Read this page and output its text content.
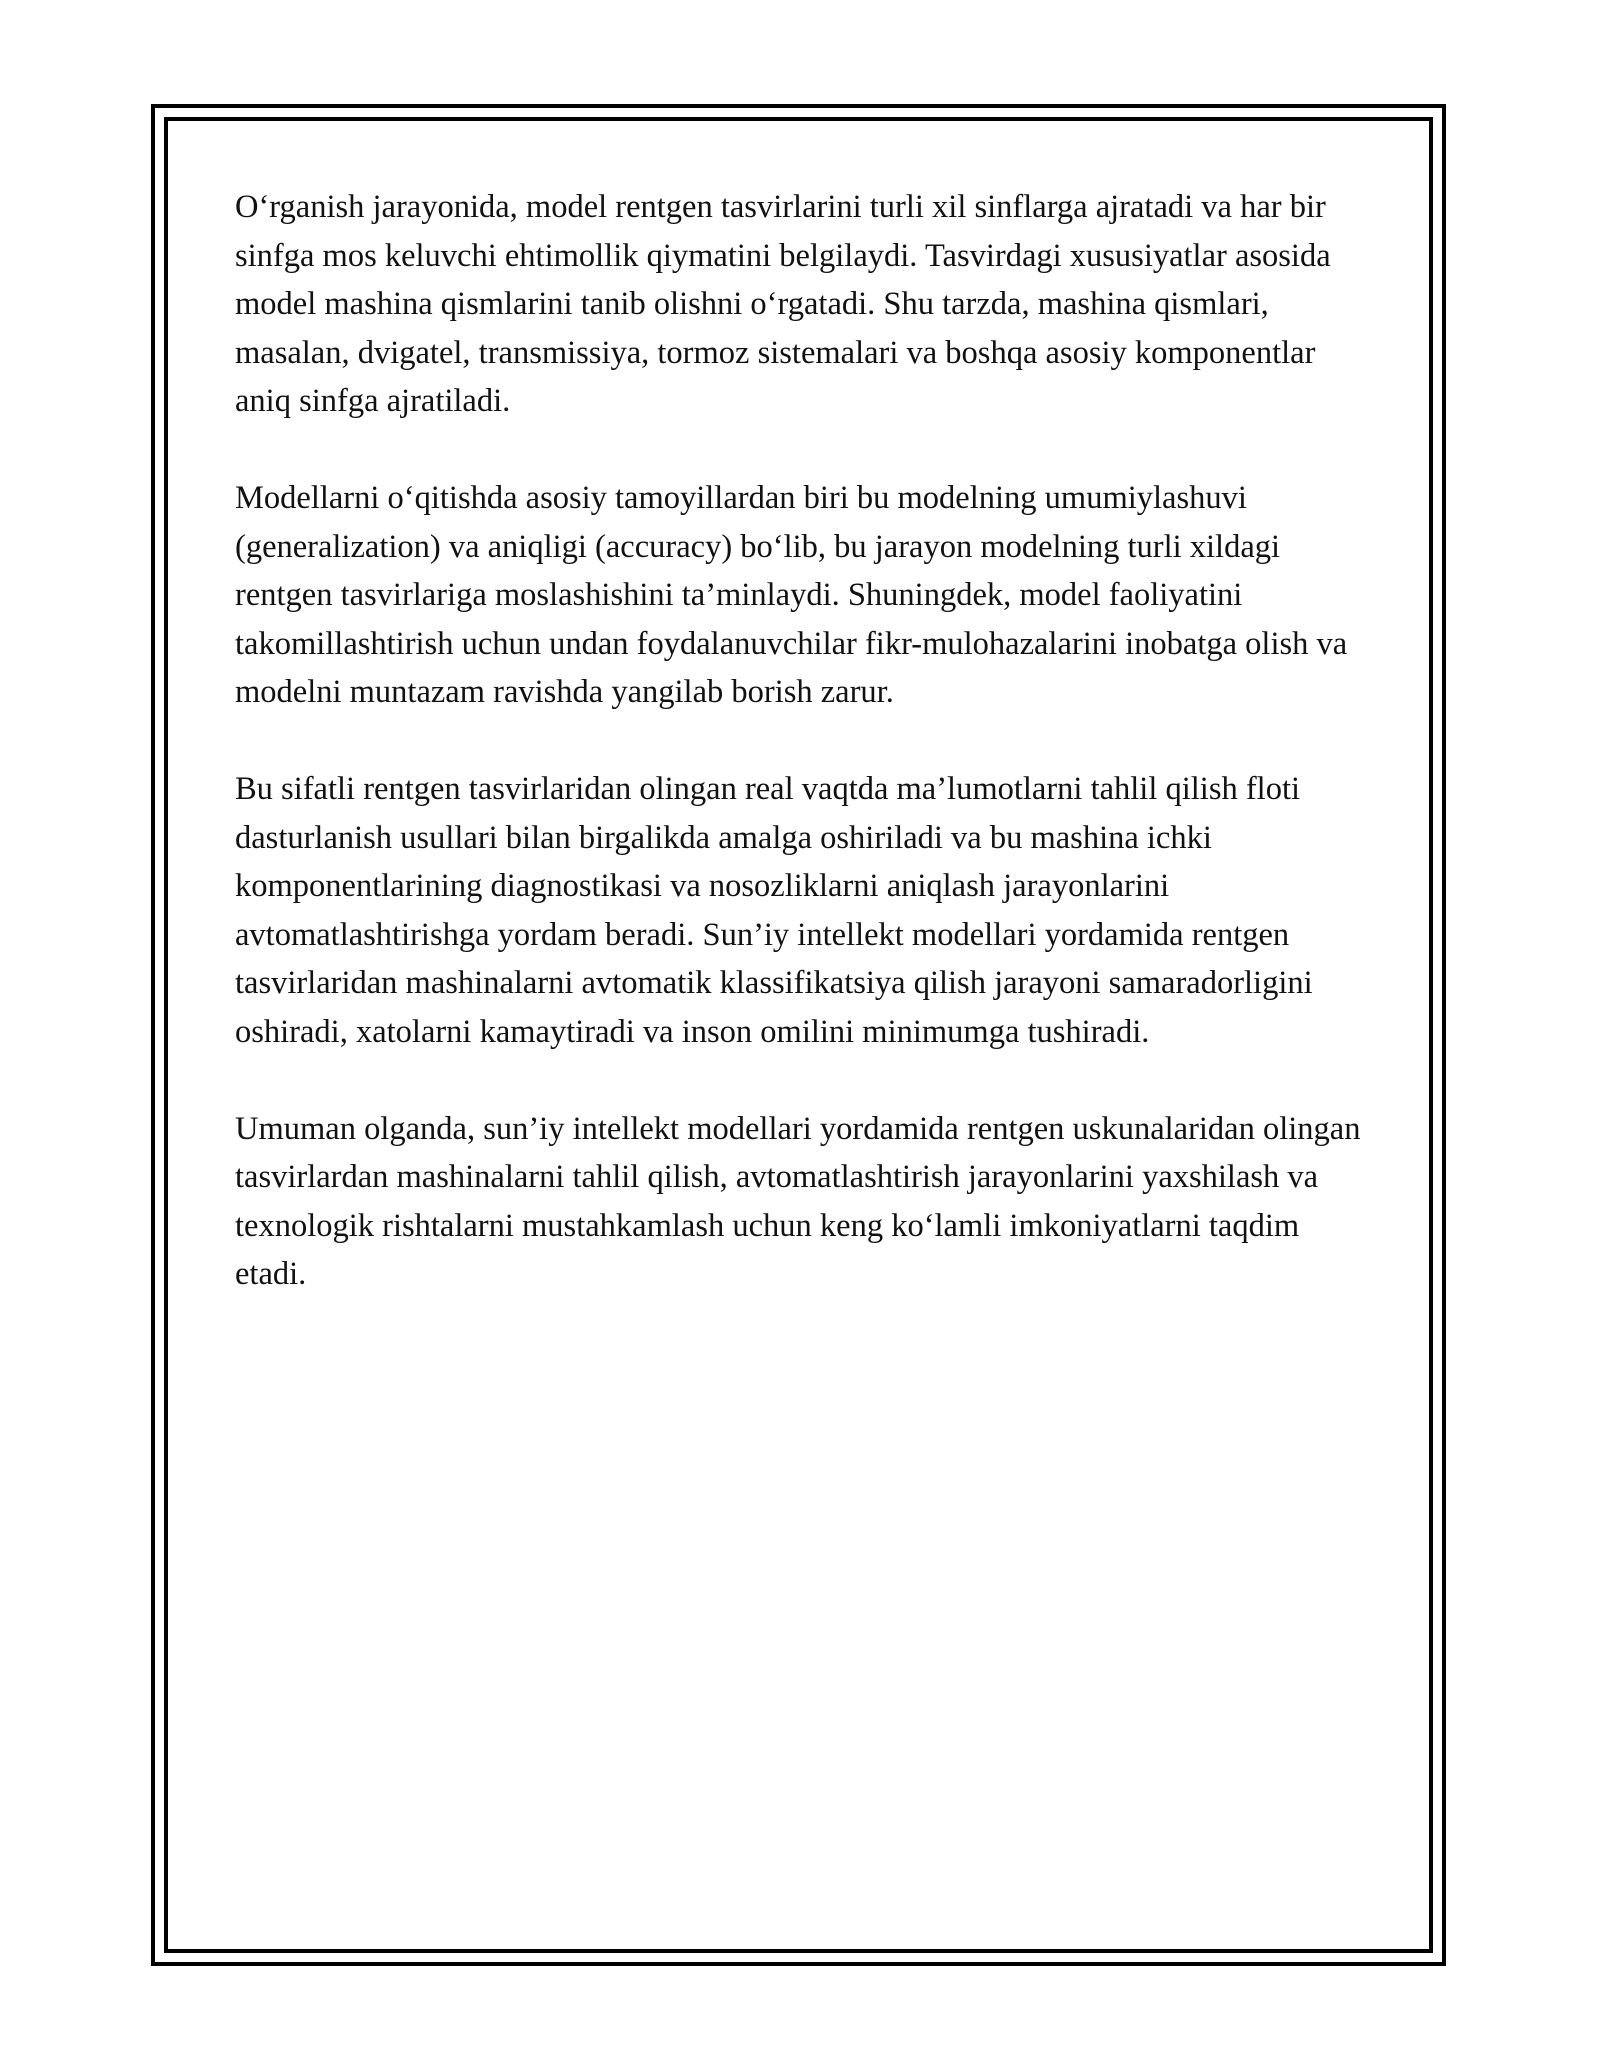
O‘rganish jarayonida, model rentgen tasvirlarini turli xil sinflarga ajratadi va har bir sinfga mos keluvchi ehtimollik qiymatini belgilaydi. Tasvirdagi xususiyatlar asosida model mashina qismlarini tanib olishni o‘rgatadi. Shu tarzda, mashina qismlari, masalan, dvigatel, transmissiya, tormoz sistemalari va boshqa asosiy komponentlar aniq sinfga ajratiladi.

Modellarni o‘qitishda asosiy tamoyillardan biri bu modelning umumiylashuvi (generalization) va aniqligi (accuracy) bo‘lib, bu jarayon modelning turli xildagi rentgen tasvirlariga moslashishini ta’minlaydi. Shuningdek, model faoliyatini takomillashtirish uchun undan foydalanuvchilar fikr-mulohazalarini inobatga olish va modelni muntazam ravishda yangilab borish zarur.

Bu sifatli rentgen tasvirlaridan olingan real vaqtda ma’lumotlarni tahlil qilish floti dasturlanish usullari bilan birgalikda amalga oshiriladi va bu mashina ichki komponentlarining diagnostikasi va nosozliklarni aniqlash jarayonlarini avtomatlashtirishga yordam beradi. Sun’iy intellekt modellari yordamida rentgen tasvirlaridan mashinalarni avtomatik klassifikatsiya qilish jarayoni samaradorligini oshiradi, xatolarni kamaytiradi va inson omilini minimumga tushiradi.

Umuman olganda, sun’iy intellekt modellari yordamida rentgen uskunalaridan olingan tasvirlardan mashinalarni tahlil qilish, avtomatlashtirish jarayonlarini yaxshilash va texnologik rishtalarni mustahkamlash uchun keng ko‘lamli imkoniyatlarni taqdim etadi.
